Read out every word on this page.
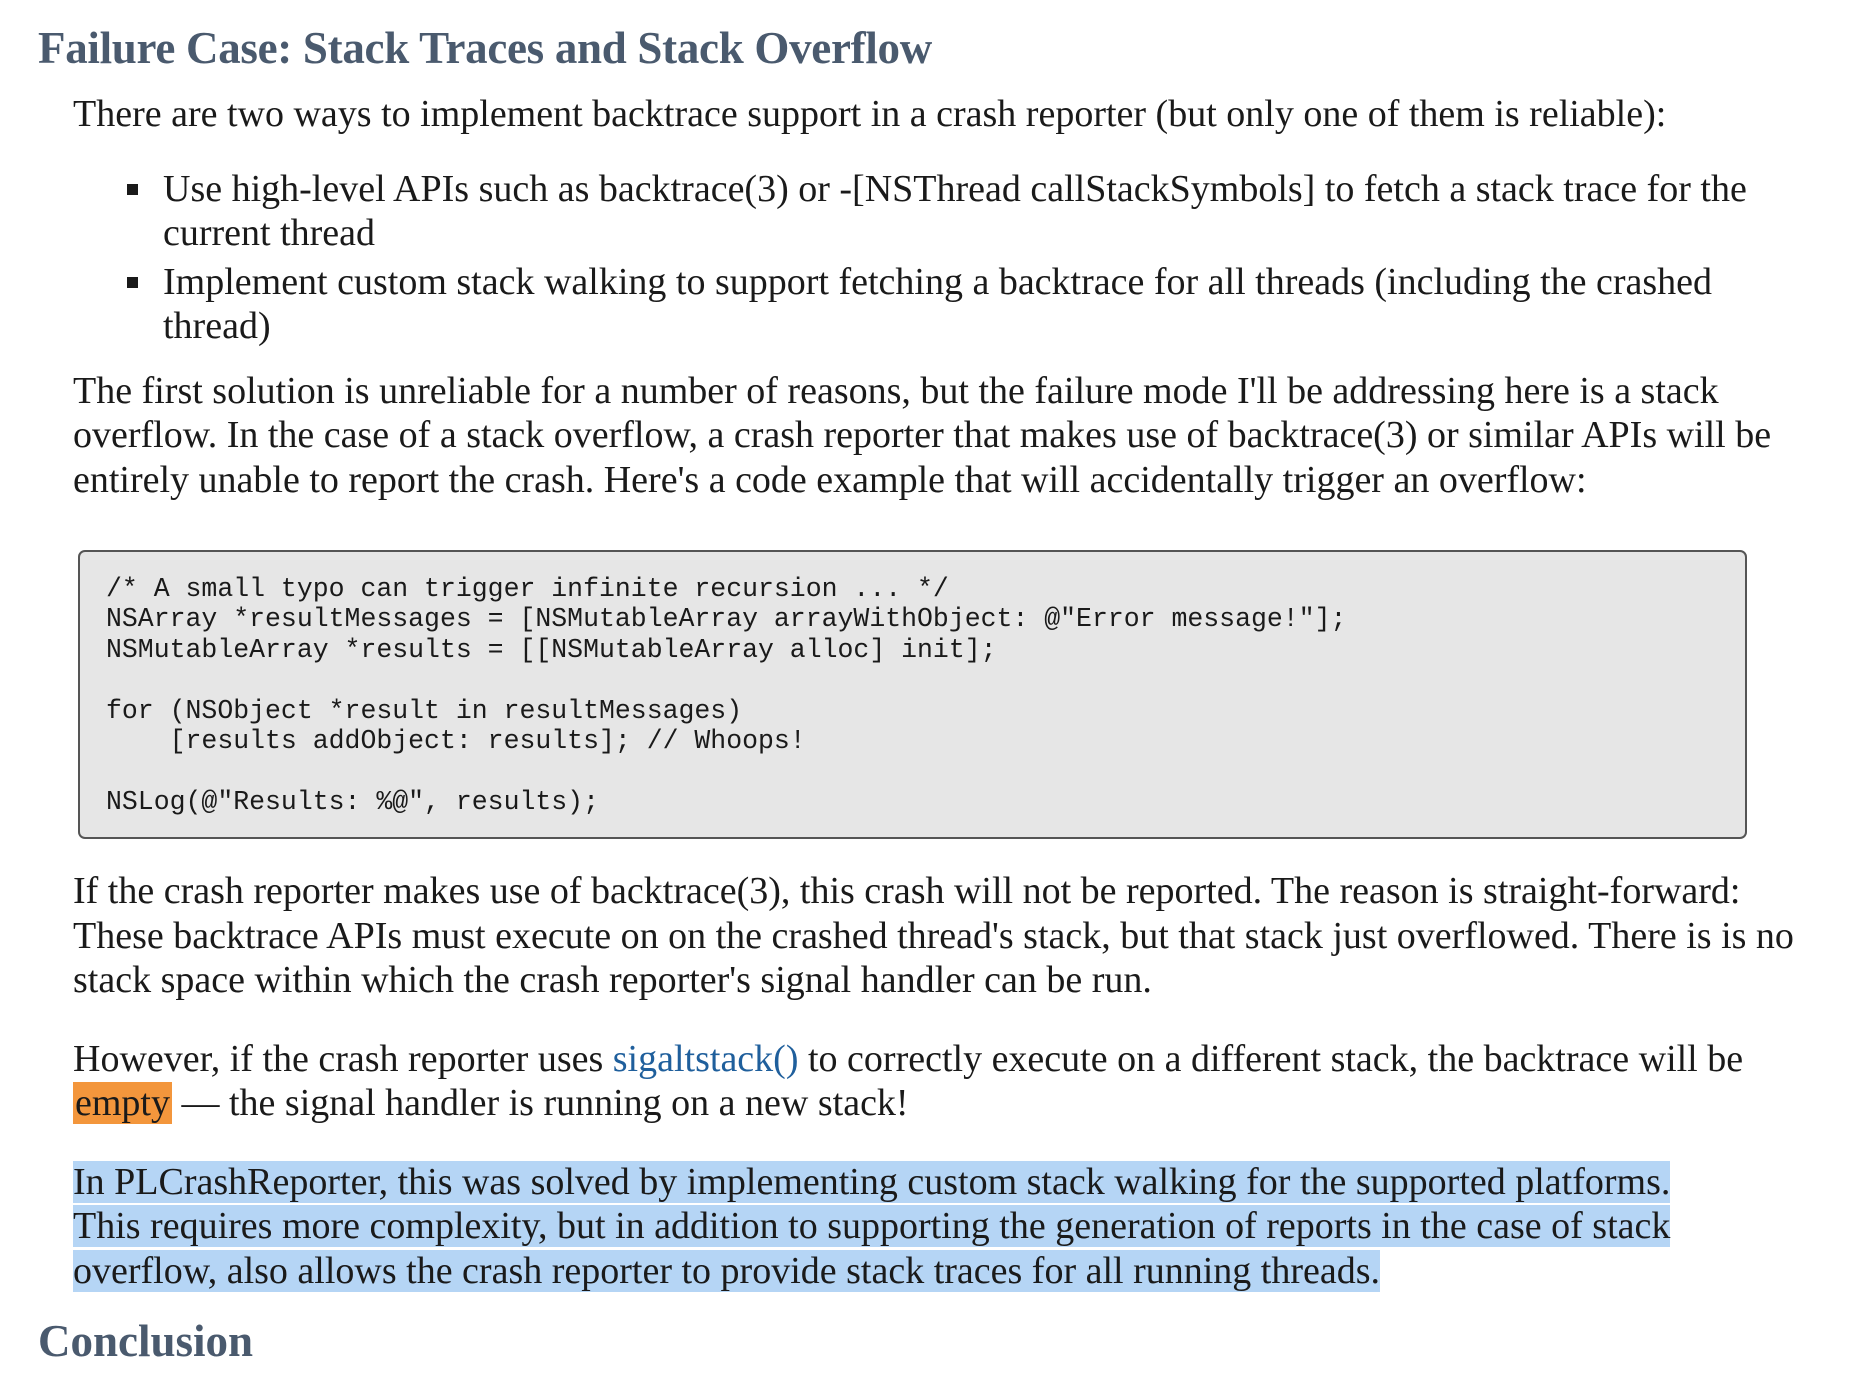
Failure Case: Stack Traces and Stack Overflow

There are two ways to implement backtrace support in a crash reporter (but only one of them is reliable):

Use high-level APIs such as backtrace(3) or -[NSThread callStackSymbols] to fetch a stack trace for the current thread
Implement custom stack walking to support fetching a backtrace for all threads (including the crashed thread)

The first solution is unreliable for a number of reasons, but the failure mode I'll be addressing here is a stack overflow. In the case of a stack overflow, a crash reporter that makes use of backtrace(3) or similar APIs will be entirely unable to report the crash. Here's a code example that will accidentally trigger an overflow:

/* A small typo can trigger infinite recursion ... */
NSArray *resultMessages = [NSMutableArray arrayWithObject: @"Error message!"];
NSMutableArray *results = [[NSMutableArray alloc] init];
for (NSObject *result in resultMessages)
[results addObject: results]; // Whoops!
NSLog(@"Results: %@", results);

If the crash reporter makes use of backtrace(3), this crash will not be reported. The reason is straight-forward: These backtrace APIs must execute on on the crashed thread's stack, but that stack just overflowed. There is is no stack space within which the crash reporter's signal handler can be run.

However, if the crash reporter uses sigaltstack() to correctly execute on a different stack, the backtrace will be empty — the signal handler is running on a new stack!

In PLCrashReporter, this was solved by implementing custom stack walking for the supported platforms.
This requires more complexity, but in addition to supporting the generation of reports in the case of stack
overflow, also allows the crash reporter to provide stack traces for all running threads.

Conclusion
